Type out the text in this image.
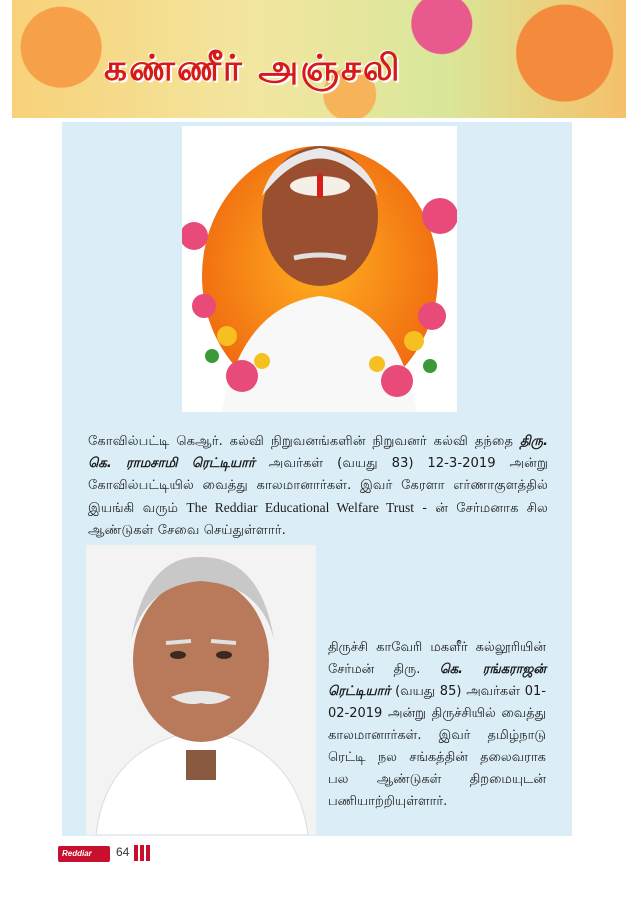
கண்ணீர் அஞ்சலி

கோவில்பட்டி கெஆர். கல்வி நிறுவனங்களின் நிறுவனர் கல்வி தந்தை திரு. கெ. ராமசாமி ரெட்டியார் அவர்கள் (வயது 83) 12-3-2019 அன்று கோவில்பட்டியில் வைத்து காலமானார்கள். இவர் கேரளா எர்ணாகுளத்தில் இயங்கி வரும் The Reddiar Educational Welfare Trust - ன் சேர்மனாக சில ஆண்டுகள் சேவை செய்துள்ளார்.

திருச்சி காவேரி மகளீர் கல்லூரியின் சேர்மன் திரு. கெ. ரங்கராஜன் ரெட்டியார் (வயது 85) அவர்கள் 01-02-2019 அன்று திருச்சியில் வைத்து காலமானார்கள். இவர் தமிழ்நாடு ரெட்டி நல சங்கத்தின் தலைவராக பல ஆண்டுகள் திறமையுடன் பணியாற்றியுள்ளார்.

Reddiar	64
